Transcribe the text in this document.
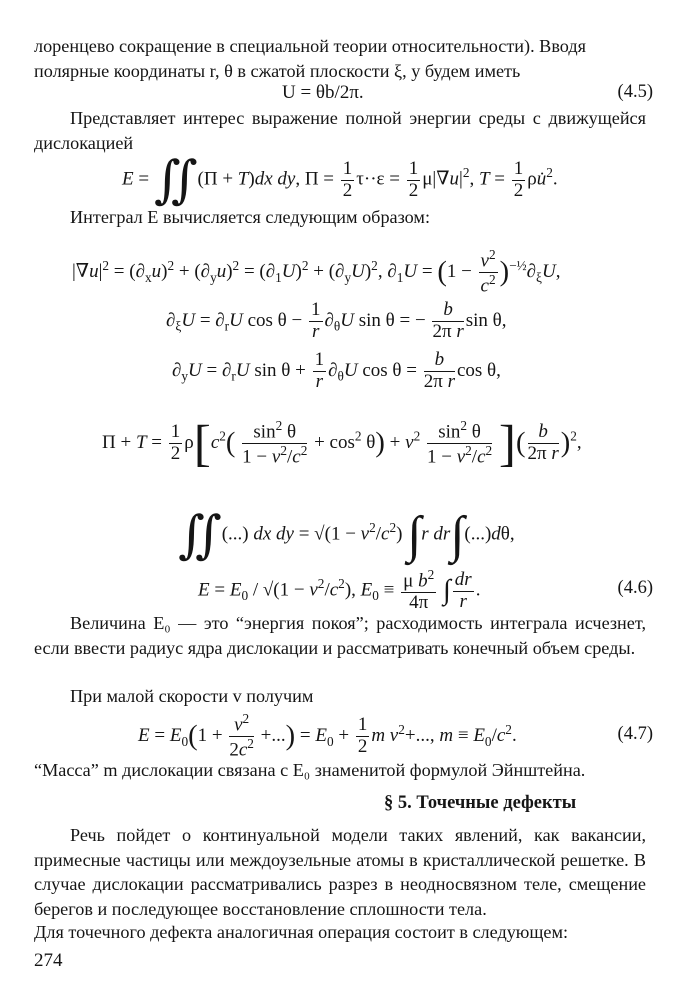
лоренцево сокращение в специальной теории относительности). Вводя
полярные координаты r, θ в сжатой плоскости ξ, y будем иметь

U = θb/2π.	(4.5)

Представляет интерес выражение полной энергии среды с движущейся дислокацией

E = ∬(Π + T)dx dy, $\Pi = \frac{1}{2} \tau\cdot\cdot\varepsilon = \frac{1}{2} \mu|\nabla u|^2$, $T = \frac{1}{2}$ ρu̇$^2$.

Интеграл E вычисляется следующим образом:

$|\nabla u|^2 = (\partial_xu)^2 + (\partial_yu)^2 = (\partial_1U)^2 + (\partial_yU)^2$, $\partial_1U = (1 - \frac{v^2}{c^2} )^{-\frac{1}{2}}\partial_\xi U$,
$\partial_\xi U = \partial_rU$ $\cos \theta - \frac{1}{r} \partial_\theta U$ sin θ = − $\frac{b}{\text{2π r}}$ sin θ,
$\partial_yU = \partial_rU$ $\sin \theta + \frac{1}{r} \partial_\theta U$ $\cos \theta = \frac{b}{\text{2π r}}$ cos θ,
$\Pi + T = \frac{1}{2} \rho[c^2( \frac{\sin^2 \theta}{1 - v^2/c^2} + \cos^2 \theta) + v^2 \frac{\sin^2 \theta}{1 - v^2/c^2}$ ]( $\frac{b}{\text{2π r}} )^2$,
∬(...) dx dy = $√(1 - v^2/c^2)$ ∫r dr∫(...)dθ,
$E = E_0 / √(1 - v^2/c^2)$, $E_0 \equiv \frac{\mu b^2}{4\pi}$ ∫ $\frac{dr}{r}$ .	(4.6)

Величина E₀ — это “энергия покоя”; расходимость интеграла исчезнет, если ввести радиус ядра дислокации и рассматривать конечный объем среды.

При малой скорости v получим

$E = E_0(1 + \frac{v^2}{2c^2}$ +...) = $E_0 + \frac{1}{2}$ m $v^2+$..., $m \equiv E_0/c^2$.	(4.7)

“Масса” m дислокации связана с E₀ знаменитой формулой Эйнштейна.

§ 5. Точечные дефекты

Речь пойдет о континуальной модели таких явлений, как вакансии, примесные частицы или междоузельные атомы в кристаллической решетке. В случае дислокации рассматривались разрез в неодносвязном теле, смещение берегов и последующее восстановление сплошности тела.

Для точечного дефекта аналогичная операция состоит в следующем:

274
